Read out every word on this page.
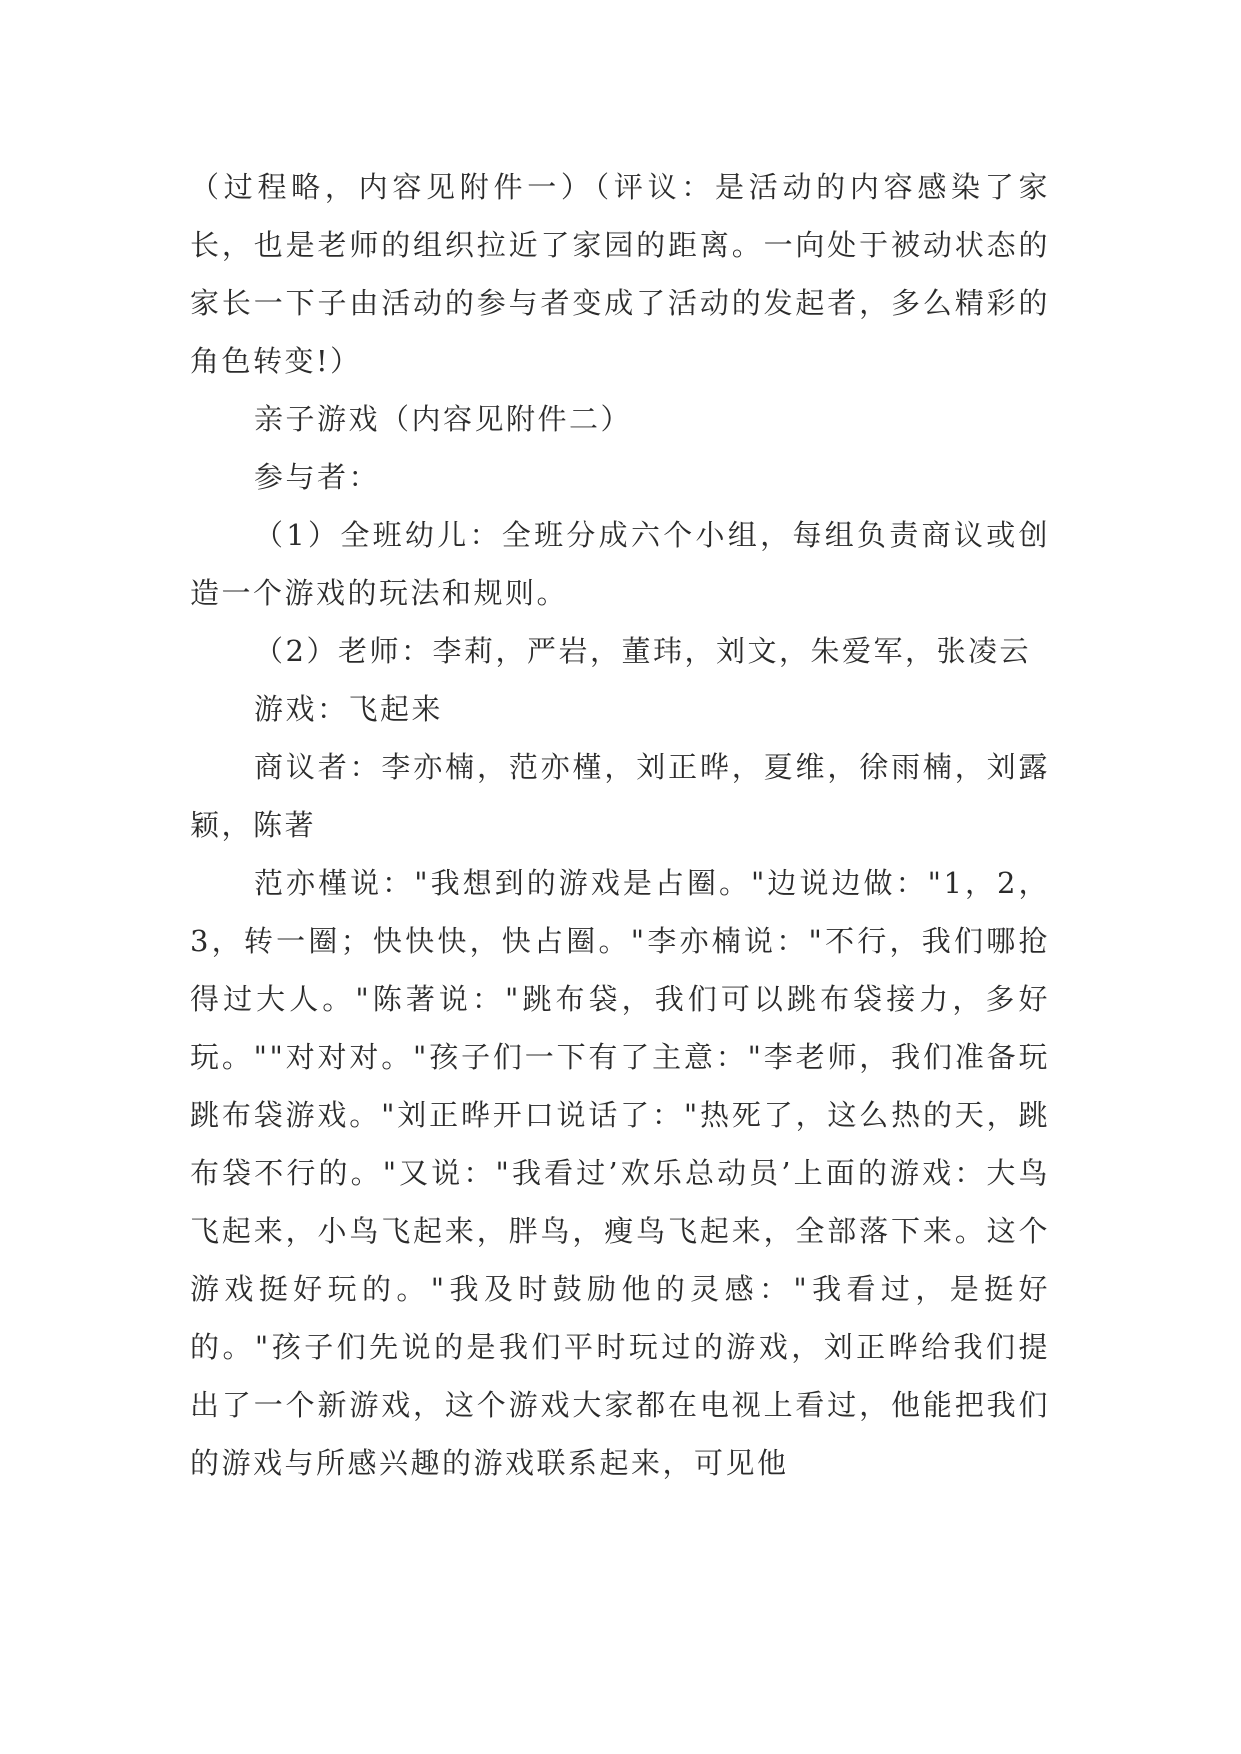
（过程略，内容见附件一）（评议：是活动的内容感染了家长，也是老师的组织拉近了家园的距离。一向处于被动状态的家长一下子由活动的参与者变成了活动的发起者，多么精彩的角色转变!）

亲子游戏（内容见附件二）

参与者：

（1）全班幼儿：全班分成六个小组，每组负责商议或创造一个游戏的玩法和规则。

（2）老师：李莉，严岩，董玮，刘文，朱爱军，张凌云

游戏：飞起来

商议者：李亦楠，范亦槿，刘正晔，夏维，徐雨楠，刘露颖，陈著

范亦槿说："我想到的游戏是占圈。"边说边做："1，2，3，转一圈；快快快，快占圈。"李亦楠说："不行，我们哪抢得过大人。"陈著说："跳布袋，我们可以跳布袋接力，多好玩。""对对对。"孩子们一下有了主意："李老师，我们准备玩跳布袋游戏。"刘正晔开口说话了："热死了，这么热的天，跳布袋不行的。"又说："我看过’欢乐总动员’上面的游戏：大鸟飞起来，小鸟飞起来，胖鸟，瘦鸟飞起来，全部落下来。这个游戏挺好玩的。"我及时鼓励他的灵感："我看过，是挺好的。"孩子们先说的是我们平时玩过的游戏，刘正晔给我们提出了一个新游戏，这个游戏大家都在电视上看过，他能把我们的游戏与所感兴趣的游戏联系起来，可见他
